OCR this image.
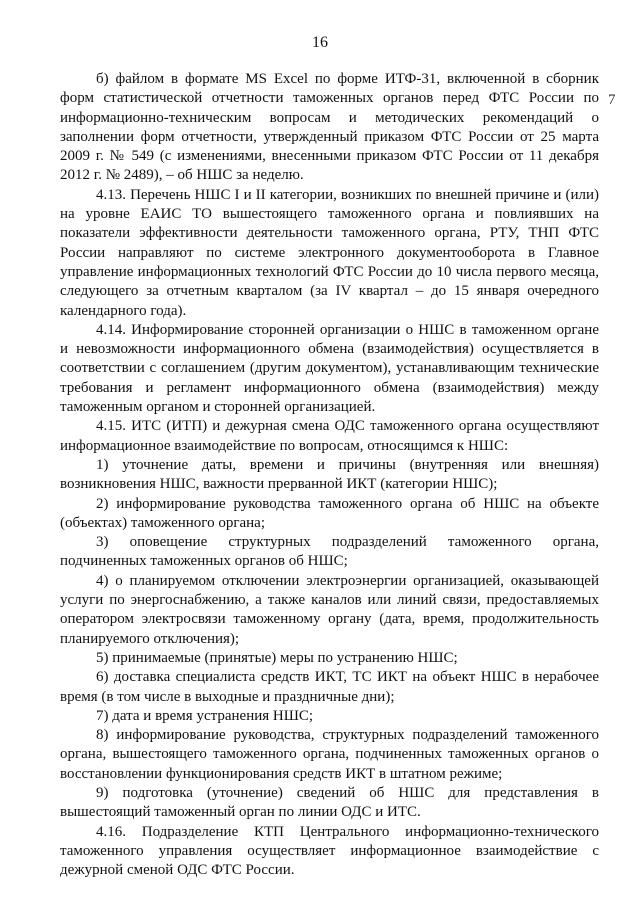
16
7

б) файлом в формате MS Excel по форме ИТФ-31, включенной в сборник форм статистической отчетности таможенных органов перед ФТС России по информационно-техническим вопросам и методических рекомендаций о заполнении форм отчетности, утвержденный приказом ФТС России от 25 марта 2009 г. № 549 (с изменениями, внесенными приказом ФТС России от 11 декабря 2012 г. № 2489), – об НШС за неделю.

4.13. Перечень НШС I и II категории, возникших по внешней причине и (или) на уровне ЕАИС ТО вышестоящего таможенного органа и повлиявших на показатели эффективности деятельности таможенного органа, РТУ, ТНП ФТС России направляют по системе электронного документооборота в Главное управление информационных технологий ФТС России до 10 числа первого месяца, следующего за отчетным кварталом (за IV квартал – до 15 января очередного календарного года).

4.14. Информирование сторонней организации о НШС в таможенном органе и невозможности информационного обмена (взаимодействия) осуществляется в соответствии с соглашением (другим документом), устанавливающим технические требования и регламент информационного обмена (взаимодействия) между таможенным органом и сторонней организацией.

4.15. ИТС (ИТП) и дежурная смена ОДС таможенного органа осуществляют информационное взаимодействие по вопросам, относящимся к НШС:

1) уточнение даты, времени и причины (внутренняя или внешняя) возникновения НШС, важности прерванной ИКТ (категории НШС);

2) информирование руководства таможенного органа об НШС на объекте (объектах) таможенного органа;

3) оповещение структурных подразделений таможенного органа, подчиненных таможенных органов об НШС;

4) о планируемом отключении электроэнергии организацией, оказывающей услуги по энергоснабжению, а также каналов или линий связи, предоставляемых оператором электросвязи таможенному органу (дата, время, продолжительность планируемого отключения);

5) принимаемые (принятые) меры по устранению НШС;

6) доставка специалиста средств ИКТ, ТС ИКТ на объект НШС в нерабочее время (в том числе в выходные и праздничные дни);

7) дата и время устранения НШС;

8) информирование руководства, структурных подразделений таможенного органа, вышестоящего таможенного органа, подчиненных таможенных органов о восстановлении функционирования средств ИКТ в штатном режиме;

9) подготовка (уточнение) сведений об НШС для представления в вышестоящий таможенный орган по линии ОДС и ИТС.

4.16. Подразделение КТП Центрального информационно-технического таможенного управления осуществляет информационное взаимодействие с дежурной сменой ОДС ФТС России.
